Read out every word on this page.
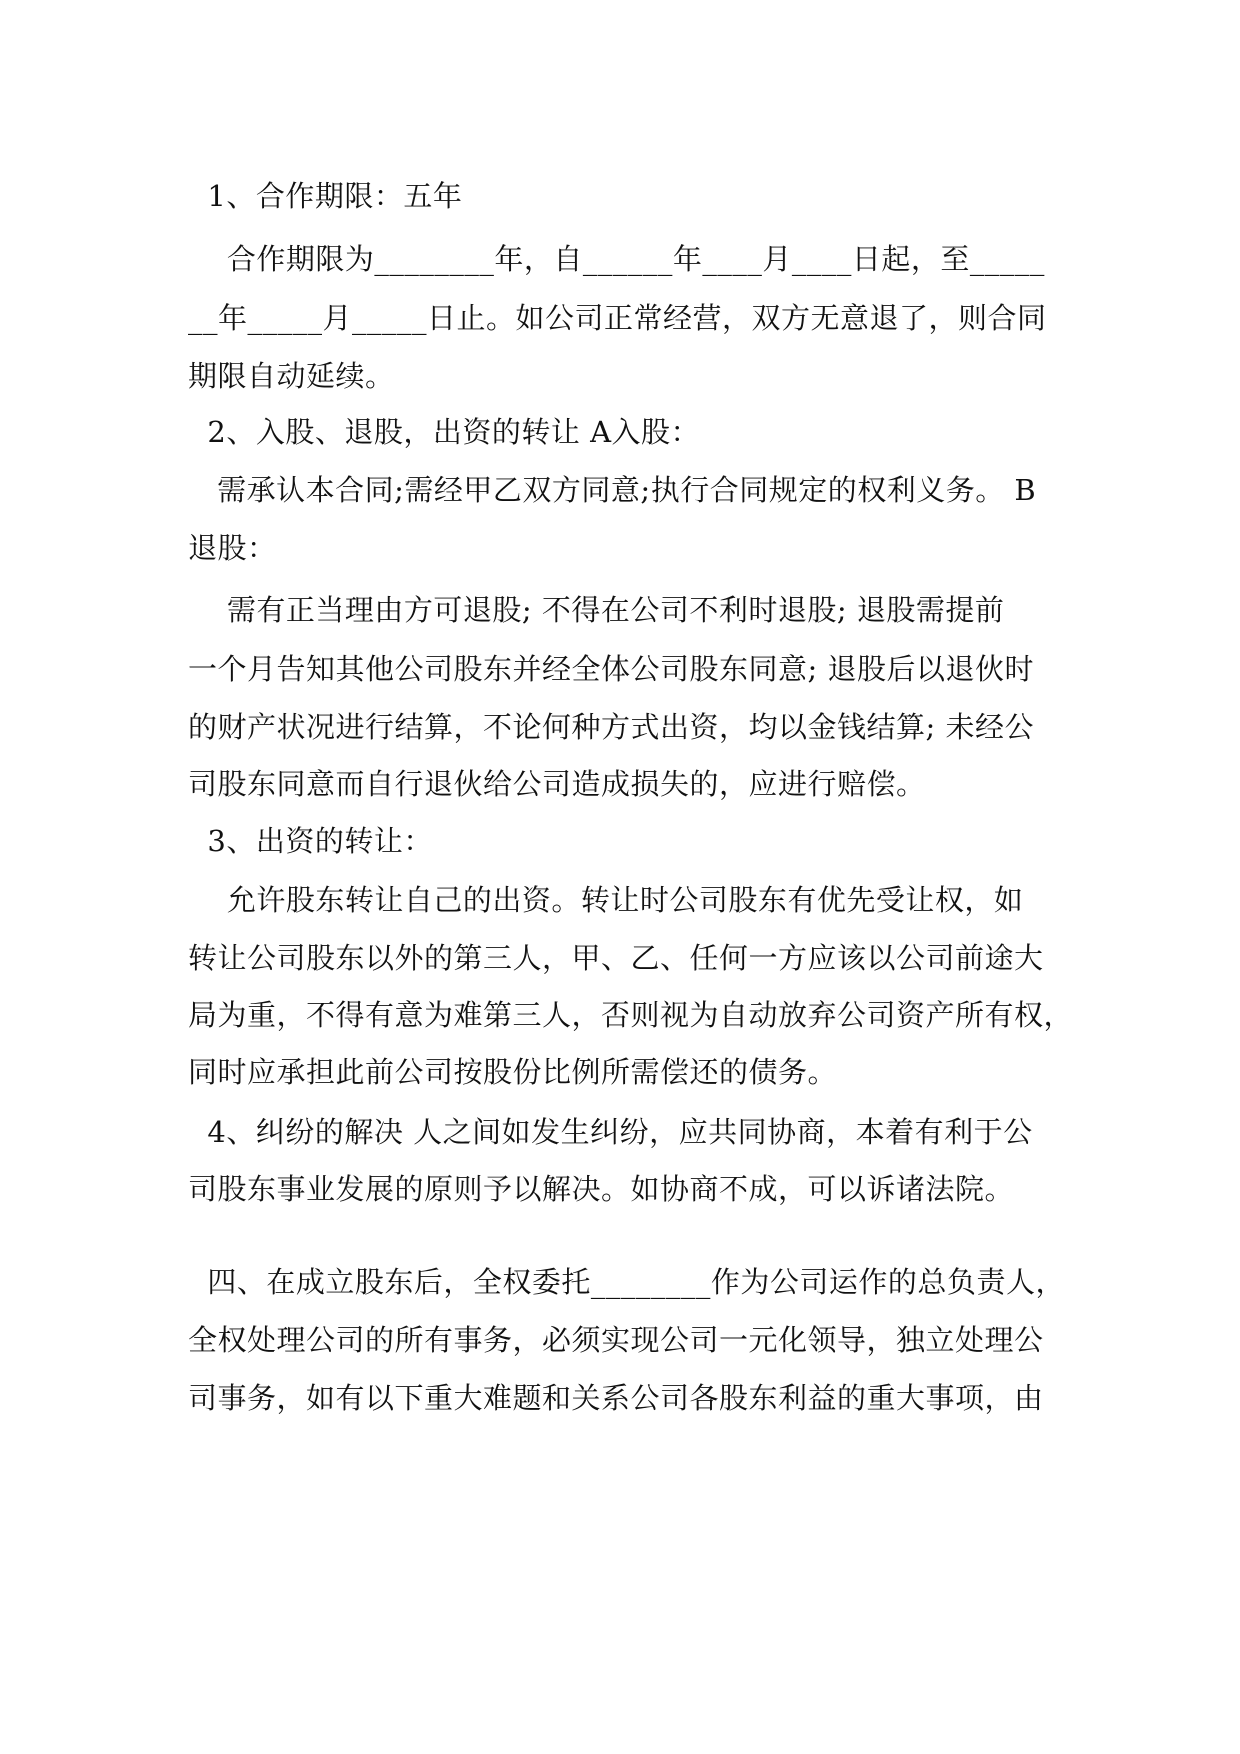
1、合作期限：五年
合作期限为________年，自______年____月____日起，至_____
__年_____月_____日止。如公司正常经营，双方无意退了，则合同
期限自动延续。
2、入股、退股，出资的转让 A入股：
需承认本合同;需经甲乙双方同意;执行合同规定的权利义务。 B
退股：
需有正当理由方可退股; 不得在公司不利时退股; 退股需提前
一个月告知其他公司股东并经全体公司股东同意; 退股后以退伙时
的财产状况进行结算，不论何种方式出资，均以金钱结算; 未经公
司股东同意而自行退伙给公司造成损失的，应进行赔偿。
3、出资的转让：
允许股东转让自己的出资。转让时公司股东有优先受让权，如
转让公司股东以外的第三人，甲、乙、任何一方应该以公司前途大
局为重，不得有意为难第三人，否则视为自动放弃公司资产所有权，
同时应承担此前公司按股份比例所需偿还的债务。
4、纠纷的解决 人之间如发生纠纷，应共同协商，本着有利于公
司股东事业发展的原则予以解决。如协商不成，可以诉诸法院。
四、在成立股东后，全权委托________作为公司运作的总负责人，
全权处理公司的所有事务，必须实现公司一元化领导，独立处理公
司事务，如有以下重大难题和关系公司各股东利益的重大事项，由
